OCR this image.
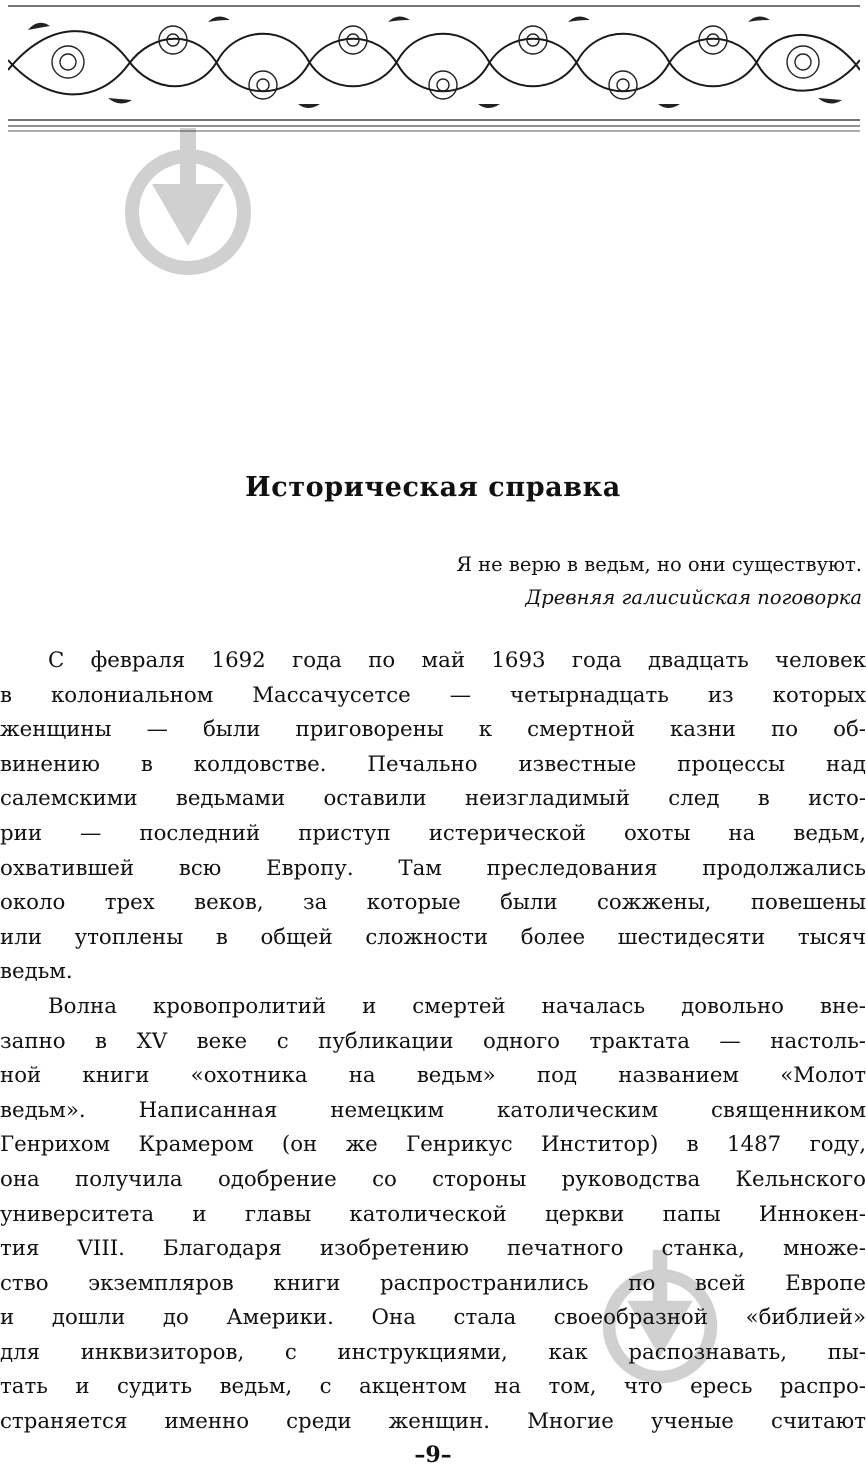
Историческая справка
Я не верю в ведьм, но они существуют.
Древняя галисийская поговорка
С февраля 1692 года по май 1693 года двадцать человек
в колониальном Массачусетсе — четырнадцать из которых
женщины — были приговорены к смертной казни по об-
винению в колдовстве. Печально известные процессы над
салемскими ведьмами оставили неизгладимый след в исто-
рии — последний приступ истерической охоты на ведьм,
охватившей всю Европу. Там преследования продолжались
около трех веков, за которые были сожжены, повешены
или утоплены в общей сложности более шестидесяти тысяч
ведьм.
Волна кровопролитий и смертей началась довольно вне-
запно в XV веке с публикации одного трактата — настоль-
ной книги «охотника на ведьм» под названием «Молот
ведьм». Написанная немецким католическим священником
Генрихом Крамером (он же Генрикус Инститор) в 1487 году,
она получила одобрение со стороны руководства Кельнского
университета и главы католической церкви папы Иннокен-
тия VIII. Благодаря изобретению печатного станка, множе-
ство экземпляров книги распространились по всей Европе
и дошли до Америки. Она стала своеобразной «библией»
для инквизиторов, с инструкциями, как распознавать, пы-
тать и судить ведьм, с акцентом на том, что ересь распро-
страняется именно среди женщин. Многие ученые считают
–9–
